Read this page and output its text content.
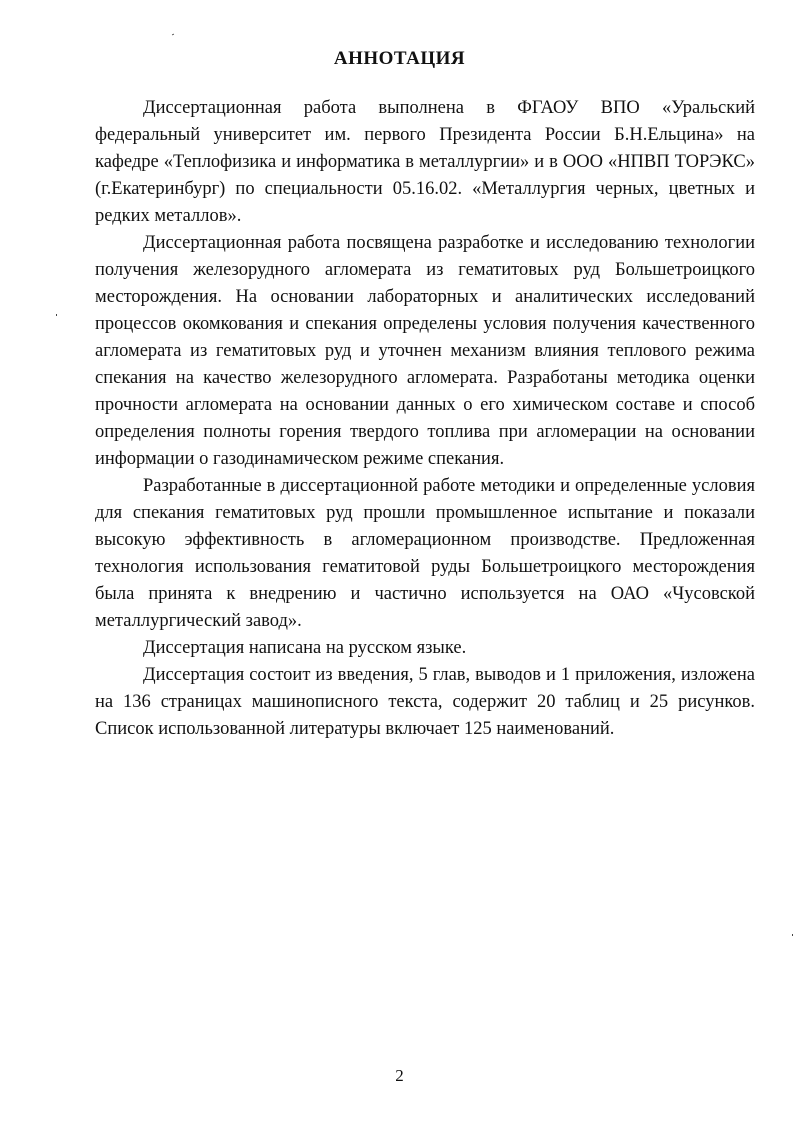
АННОТАЦИЯ

Диссертационная работа выполнена в ФГАОУ ВПО «Уральский федеральный университет им. первого Президента России Б.Н.Ельцина» на кафедре «Теплофизика и информатика в металлургии» и в ООО «НПВП ТОРЭКС» (г.Екатеринбург) по специальности 05.16.02. «Металлургия черных, цветных и редких металлов».

Диссертационная работа посвящена разработке и исследованию технологии получения железорудного агломерата из гематитовых руд Большетроицкого месторождения. На основании лабораторных и аналитических исследований процессов окомкования и спекания определены условия получения качественного агломерата из гематитовых руд и уточнен механизм влияния теплового режима спекания на качество железорудного агломерата. Разработаны методика оценки прочности агломерата на основании данных о его химическом составе и способ определения полноты горения твердого топлива при агломерации на основании информации о газодинамическом режиме спекания.

Разработанные в диссертационной работе методики и определенные условия для спекания гематитовых руд прошли промышленное испытание и показали высокую эффективность в агломерационном производстве. Предложенная технология использования гематитовой руды Большетроицкого месторождения была принята к внедрению и частично используется на ОАО «Чусовской металлургический завод».

Диссертация написана на русском языке.

Диссертация состоит из введения, 5 глав, выводов и 1 приложения, изложена на 136 страницах машинописного текста, содержит 20 таблиц и 25 рисунков. Список использованной литературы включает 125 наименований.

2
